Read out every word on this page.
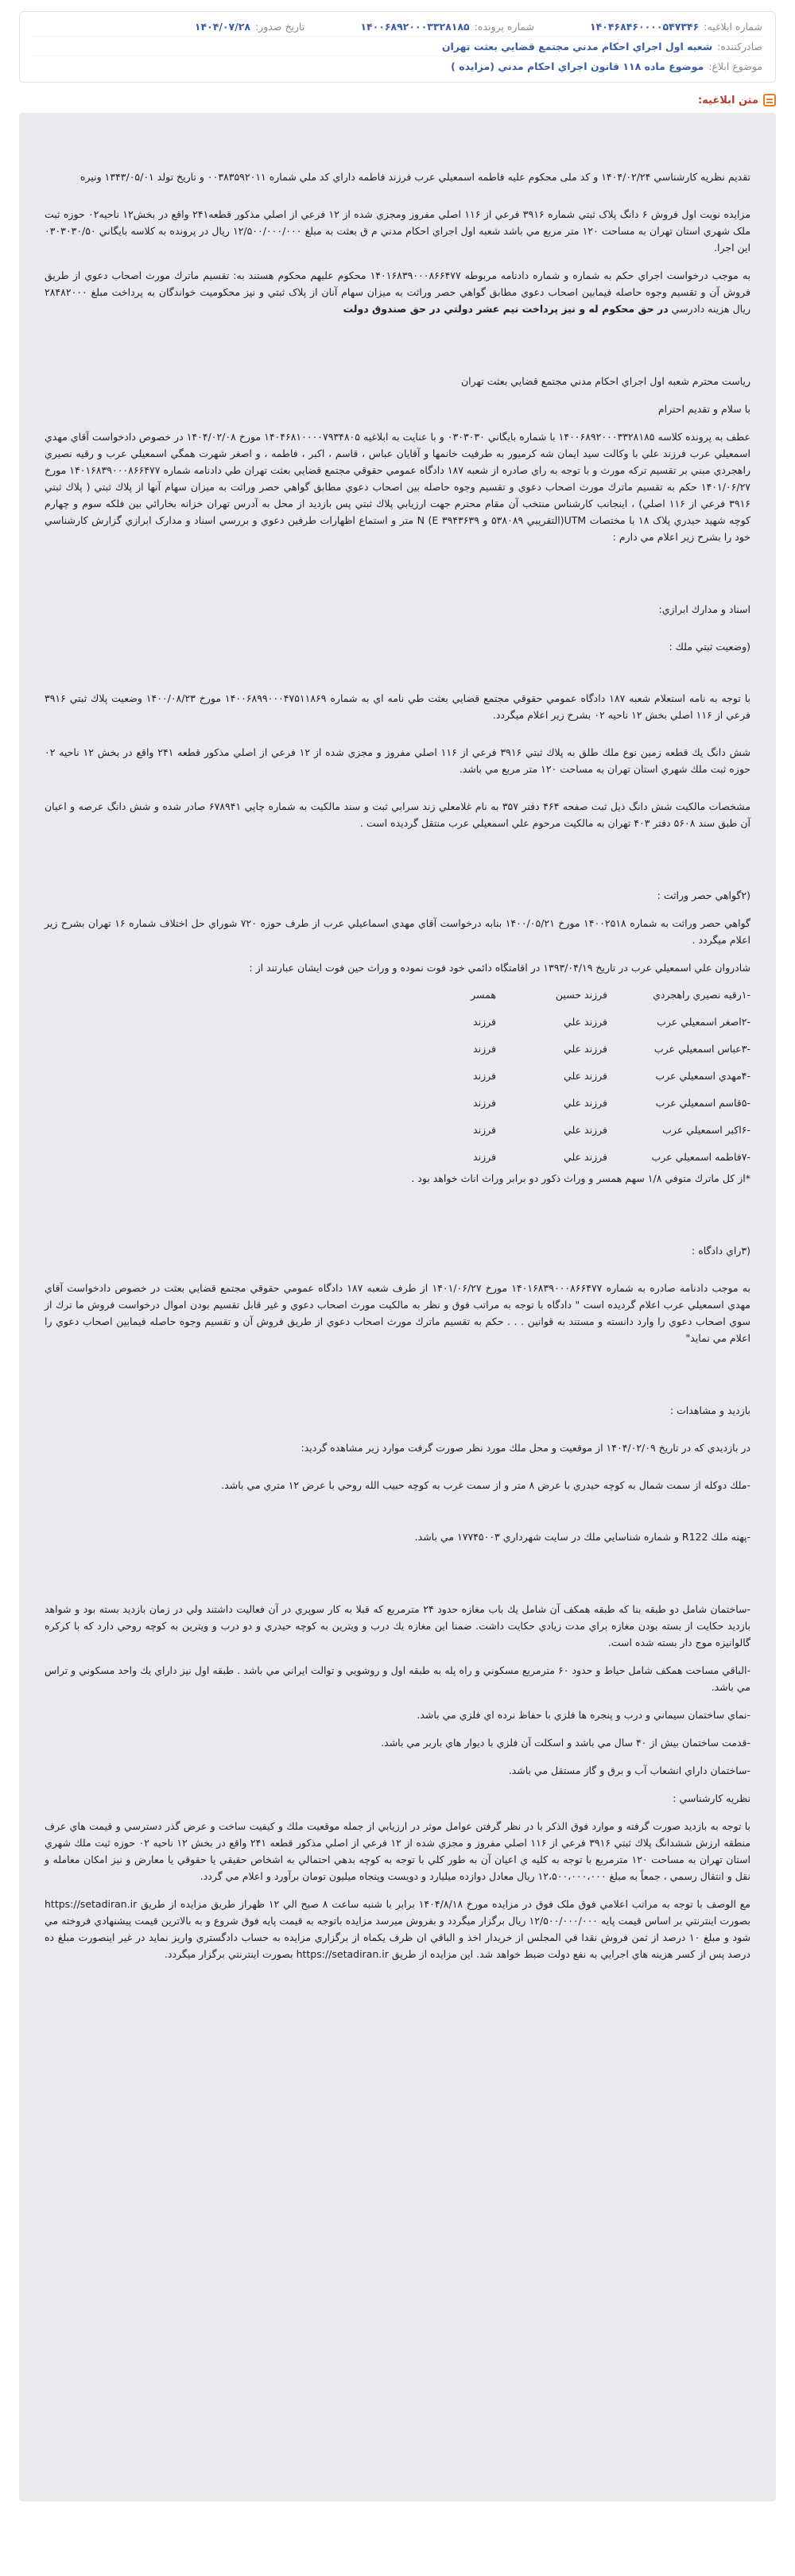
شماره ابلاغيه:
۱۴۰۴۶۸۴۶۰۰۰۰۵۴۷۳۴۶
شماره پرونده:
۱۴۰۰۶۸۹۲۰۰۰۳۳۲۸۱۸۵
تاريخ صدور:
۱۴۰۴/۰۷/۲۸
صادرکننده:
شعبه اول اجراي احکام مدني مجتمع قضايي بعثت تهران
موضوع ابلاغ:
موضوع ماده ۱۱۸ قانون اجراي احکام مدني (مزايده )
متن ابلاغيه:

تقديم نظريه كارشناسي ۱۴۰۴/۰۲/۲۴ و کد ملی محکوم علیه فاطمه اسمعيلي عرب فرزند فاطمه داراي کد ملي شماره ۰۰۳۸۳۵۹۲۰۱۱ و تاريخ تولد ۱۳۴۳/۰۵/۰۱ ونيره

مزايده نوبت اول فروش ۶ دانگ پلاک ثبتي شماره ۳۹۱۶ فرعي از ۱۱۶ اصلي مفروز ومجزي شده از ۱۲ فرعي از اصلي مذکور قطعه۲۴۱ واقع در بخش۱۲ ناحيه۰۲ حوزه ثبت ملک شهري استان تهران به مساحت ۱۲۰ متر مربع مي باشد شعبه اول اجراي احکام مدني م ق بعثت به مبلغ ۱۲/۵۰۰/۰۰۰/۰۰۰ ريال در پرونده به کلاسه بايگاني ۰۳۰۳۰۳۰/۵۰ اين اجرا.

به موجب درخواست اجراي حکم به شماره و شماره دادنامه مربوطه ۱۴۰۱۶۸۳۹۰۰۰۸۶۶۴۷۷ محکوم عليهم محکوم هستند به: تقسيم ماترك مورث اصحاب دعوي از طريق فروش آن و تقسيم وجوه حاصله فيمابين اصحاب دعوي مطابق گواهي حصر وراثت به ميزان سهام آنان از پلاک ثبتي و نيز محكوميت خواندگان به پرداخت مبلغ ۲۸۴۸۲۰۰۰ ريال هزينه دادرسي در حق محکوم له و نيز پرداخت نيم عشر دولتي در حق صندوق دولت

رياست محترم شعبه اول اجراي احکام مدني مجتمع قضايي بعثت تهران

با سلام و تقديم احترام

عطف به پرونده کلاسه ۱۴۰۰۶۸۹۲۰۰۰۳۳۲۸۱۸۵ با شماره بايگاني ۰۳۰۳۰۳۰ و با عنايت به ابلاغيه ۱۴۰۴۶۸۱۰۰۰۰۷۹۳۴۸۰۵ مورخ ۱۴۰۴/۰۲/۰۸ در خصوص دادخواست آقاي مهدي اسمعيلي عرب فرزند علي با وکالت سيد ايمان شه کرميور به طرفيت خانمها و آقايان عباس ، قاسم ، اکبر ، فاطمه ، و اصغر شهرت همگي اسمعيلي عرب و رقيه نصيري راهجردي مبني بر تقسيم ترکه مورث و با توجه به راي صادره از شعبه ۱۸۷ دادگاه عمومي حقوقي مجتمع قضايي بعثت تهران طي دادنامه شماره ۱۴۰۱۶۸۳۹۰۰۰۸۶۶۴۷۷ مورخ ۱۴۰۱/۰۶/۲۷ حکم به تقسيم ماترك مورث اصحاب دعوي و تقسيم وجوه حاصله بين اصحاب دعوي مطابق گواهي حصر وراثت به ميزان سهام آنها از پلاك ثبتي ( پلاك ثبتي ۳۹۱۶ فرعي از ۱۱۶ اصلي) ، اينجانب کارشناس منتخب آن مقام محترم جهت ارزيابي پلاك ثبتي پس بازديد از محل به آدرس تهران خزانه بخارائي بين فلکه سوم و چهارم کوچه شهيد حيدري پلاک ۱۸ با مختصات UTM(التقريبي ۵۳۸۰۸۹ و E ۳۹۴۳۶۳۹) N متر و استماع اظهارات طرفين دعوي و بررسي اسناد و مدارک ابرازي گزارش کارشناسي خود را بشرح زير اعلام مي دارم :

اسناد و مدارك ابرازي:

(وضعيت ثبتي ملك :

با توجه به نامه استعلام شعبه ۱۸۷ دادگاه عمومي حقوقي مجتمع قضايي بعثت طي نامه اي به شماره ۱۴۰۰۶۸۹۹۰۰۰۴۷۵۱۱۸۶۹ مورخ ۱۴۰۰/۰۸/۲۳ وضعيت پلاك ثبتي ۳۹۱۶ فرعي از ۱۱۶ اصلي بخش ۱۲ ناحيه ۰۲ بشرح زير اعلام ميگردد.

شش دانگ يك قطعه زمين نوع ملك طلق به پلاك ثبتي ۳۹۱۶ فرعي از ۱۱۶ اصلي مفروز و مجزي شده از ۱۲ فرعي از اصلي مذكور قطعه ۲۴۱ واقع در بخش ۱۲ ناحيه ۰۲ حوزه ثبت ملك شهري استان تهران به مساحت ۱۲۰ متر مربع مي باشد.

مشخصات مالکيت شش دانگ ذيل ثبت صفحه ۴۶۴ دفتر ۳۵۷ به نام غلامعلي زند سرابي ثبت و سند مالكيت به شماره چاپي ۶۷۸۹۴۱ صادر شده و شش دانگ عرصه و اعيان آن طبق سند ۵۶۰۸ دفتر ۴۰۳ تهران به مالکيت مرحوم علي اسمعيلي عرب منتقل گرديده است .

(۲گواهي حصر وراثت :

گواهي حصر وراثت به شماره ۱۴۰۰۲۵۱۸ مورخ ۱۴۰۰/۰۵/۲۱ بنابه درخواست آقاي مهدي اسماعيلي عرب از طرف حوزه ۷۲۰ شوراي حل اختلاف شماره ۱۶ تهران بشرح زير اعلام ميگردد .

شادروان علي اسمعيلي عرب در تاريخ ۱۳۹۳/۰۴/۱۹ در اقامتگاه دائمي خود فوت نموده و وراث حين فوت ايشان عبارتند از :

-۱رقيه نصيري راهجردي
فرزند حسين
همسر
-۲اصغر اسمعيلي عرب
فرزند علي
فرزند
-۳عباس اسمعيلي عرب
فرزند علي
فرزند
-۴مهدي اسمعيلي عرب
فرزند علي
فرزند
-۵قاسم اسمعيلي عرب
فرزند علي
فرزند
-۶اکبر اسمعيلي عرب
فرزند علي
فرزند
-۷فاطمه اسمعيلي عرب
فرزند علي
فرزند

*از كل ماترك متوفي ۱/۸ سهم همسر و وراث ذكور دو برابر وراث اناث خواهد بود .

(۳راي دادگاه :

به موجب دادنامه صادره به شماره ۱۴۰۱۶۸۳۹۰۰۰۸۶۶۴۷۷ مورخ ۱۴۰۱/۰۶/۲۷ از طرف شعبه ۱۸۷ دادگاه عمومي حقوقي مجتمع قضايي بعثت در خصوص دادخواست آقاي مهدي اسمعيلي عرب اعلام گرديده است " دادگاه با توجه به مراتب فوق و نظر به مالكيت مورث اصحاب دعوي و غير قابل تقسيم بودن اموال درخواست فروش ما ترك از سوي اصحاب دعوي را وارد دانسته و مستند به قوانين . . . حكم به تقسيم ماترك مورث اصحاب دعوي از طريق فروش آن و تقسيم وجوه حاصله فيمابين اصحاب دعوي را اعلام مي نمايد"

بازديد و مشاهدات :

در بازديدي كه در تاريخ ۱۴۰۴/۰۲/۰۹ از موقعيت و محل ملك مورد نظر صورت گرفت موارد زير مشاهده گرديد:

-ملك دوكله از سمت شمال به كوچه حيدري با عرض ۸ متر و از سمت غرب به كوچه حبيب الله روحي با عرض ۱۲ متري مي باشد.

-پهنه ملك R122 و شماره شناسايي ملك در سايت شهرداري ۱۷۷۴۵۰۰۳ مي باشد.

-ساختمان شامل دو طبقه بنا كه طبقه همكف آن شامل يك باب مغازه حدود ۲۴ مترمربع كه قبلا به كار سوپري در آن فعاليت داشتند ولي در زمان بازديد بسته بود و شواهد بازديد حكايت از بسته بودن مغازه براي مدت زيادي حكايت داشت. ضمنا اين مغازه يك درب و ويترين به كوچه حيدري و دو درب و ويترين به كوچه روحي دارد كه با كركره گالوانيزه موج دار بسته شده است.

-الباقي مساحت همكف شامل حياط و حدود ۶۰ مترمربع مسكوني و راه پله به طبقه اول و روشويي و توالت ايراني مي باشد . طبقه اول نيز داراي يك واحد مسكوني و تراس مي باشد.

-نماي ساختمان سيماني و درب و پنجره ها فلزي با حفاظ نرده اي فلزي مي باشد.

-قدمت ساختمان بيش از ۴۰ سال مي باشد و اسكلت آن فلزي با ديوار هاي باربر مي باشد.

-ساختمان داراي انشعاب آب و برق و گاز مستقل مي باشد.

نظريه كارشناسي :

با توجه به بازديد صورت گرفته و موارد فوق الذكر با در نظر گرفتن عوامل موثر در ارزيابي از جمله موقعيت ملك و كيفيت ساخت و عرض گذر دسترسي و قيمت هاي عرف منطقه ارزش ششدانگ پلاك ثبتي ۳۹۱۶ فرعي از ۱۱۶ اصلي مفروز و مجزي شده از ۱۲ فرعي از اصلي مذكور قطعه ۲۴۱ واقع در بخش ۱۲ ناحيه ۰۲ حوزه ثبت ملك شهري استان تهران به مساحت ۱۲۰ مترمربع با توجه به كليه ي اعيان آن به طور كلي با توجه به كوچه بدهي احتمالي به اشخاص حقيقي يا حقوقي يا معارض و نيز امكان معامله و نقل و انتقال رسمي ، جمعاً به مبلغ ۱۲،۵۰۰،۰۰۰،۰۰۰ ريال معادل دوازده ميليارد و دويست وپنجاه ميليون تومان برآورد و اعلام مي گردد.

مع الوصف با توجه به مراتب اعلامي فوق ملک فوق در مزايده مورخ ۱۴۰۴/۸/۱۸ برابر با شنبه ساعت ۸ صبح الي ۱۲ ظهراز طريق مزايده از طريق https://setadiran.ir بصورت اينترنتي بر اساس قيمت پايه ۱۲/۵۰۰/۰۰۰/۰۰۰ ريال برگزار ميگردد و بفروش ميرسد مزايده باتوجه به قيمت پايه فوق شروع و به بالاترين قيمت پيشنهادي فروخته مي شود و مبلغ ۱۰ درصد از ثمن فروش نقدا في المجلس از خريدار اخذ و الباقي ان ظرف يكماه از برگزاري مزايده به حساب دادگستري واريز نمايد در غير اينصورت مبلغ ده درصد پس از كسر هزينه هاي اجرايي به نفع دولت ضبط خواهد شد. اين مزايده از طريق https://setadiran.ir بصورت اينترنتي برگزار ميگردد.
